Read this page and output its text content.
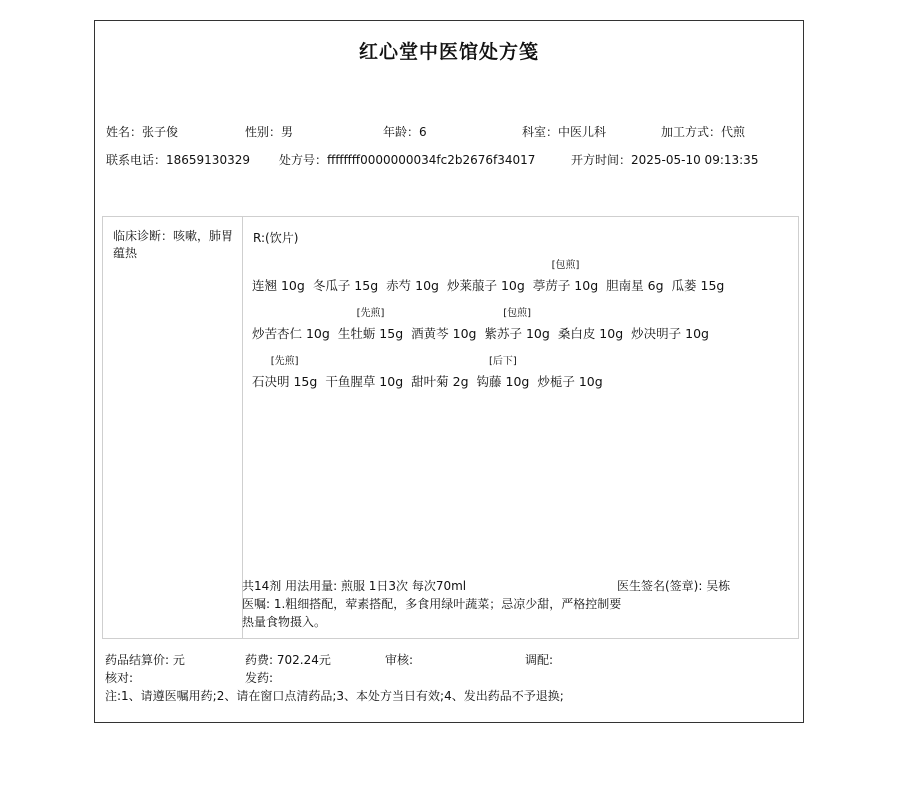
红心堂中医馆处方笺
姓名：张子俊	性别：男	年龄：6	科室：中医儿科	加工方式：代煎
联系电话：18659130329 处方号：ffffffff0000000034fc2b2676f34017	开方时间：2025-05-10 09:13:35
临床诊断：咳嗽，肺胃蕴热
R:(饮片)
连翘 10g 冬瓜子 15g 赤芍 10g 炒莱菔子 10g
[包煎]
葶苈子 10g 胆南星 6g 瓜蒌 15g
炒苦杏仁 10g
[先煎]
生牡蛎 15g 酒黄芩 10g
[包煎]
紫苏子 10g 桑白皮 10g 炒决明子 10g
[先煎]
石决明 15g 干鱼腥草 10g 甜叶菊 2g
[后下]
钩藤 10g 炒栀子 10g
共14剂 用法用量: 煎服 1日3次 每次70ml
医嘱: 1.粗细搭配，荤素搭配，多食用绿叶蔬菜；忌凉少甜，严格控制要热量食物摄入。
医生签名(签章): 吴栋
药品结算价: 元	药费: 702.24元	审核:	调配:
核对:	发药:
注:1、请遵医嘱用药;2、请在窗口点清药品;3、本处方当日有效;4、发出药品不予退换;
